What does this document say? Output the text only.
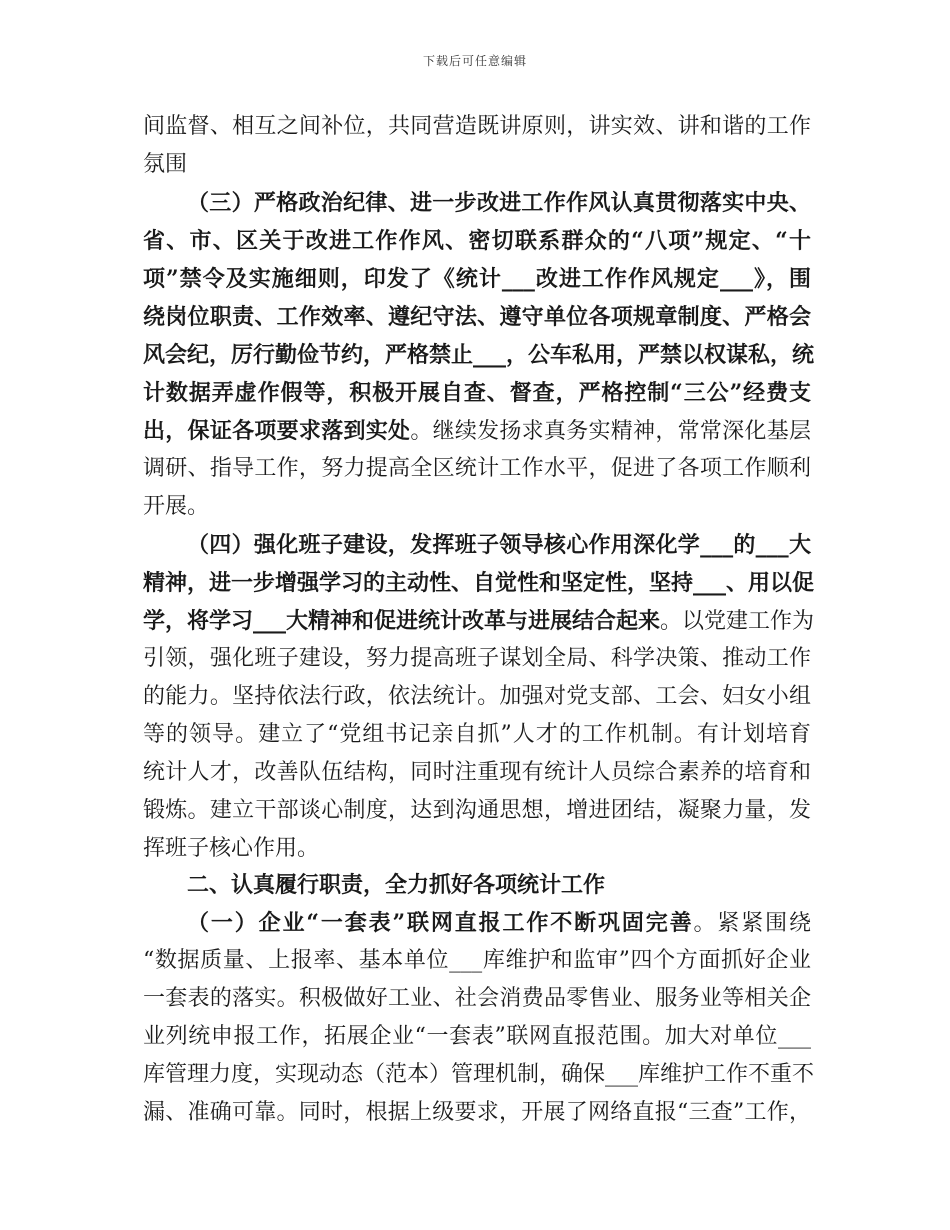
下载后可任意编辑
间监督、相互之间补位，共同营造既讲原则，讲实效、讲和谐的工作
氛围
（三）严格政治纪律、进一步改进工作作风认真贯彻落实中央、
省、市、区关于改进工作作风、密切联系群众的“八项”规定、“十
项”禁令及实施细则，印发了《统计___改进工作作风规定___》，围
绕岗位职责、工作效率、遵纪守法、遵守单位各项规章制度、严格会
风会纪，厉行勤俭节约，严格禁止___，公车私用，严禁以权谋私，统
计数据弄虚作假等，积极开展自查、督查，严格控制“三公”经费支
出，保证各项要求落到实处。继续发扬求真务实精神，常常深化基层
调研、指导工作，努力提高全区统计工作水平，促进了各项工作顺利
开展。
（四）强化班子建设，发挥班子领导核心作用深化学___的___大
精神，进一步增强学习的主动性、自觉性和坚定性，坚持___、用以促
学，将学习___大精神和促进统计改革与进展结合起来。以党建工作为
引领，强化班子建设，努力提高班子谋划全局、科学决策、推动工作
的能力。坚持依法行政，依法统计。加强对党支部、工会、妇女小组
等的领导。建立了“党组书记亲自抓”人才的工作机制。有计划培育
统计人才，改善队伍结构，同时注重现有统计人员综合素养的培育和
锻炼。建立干部谈心制度，达到沟通思想，增进团结，凝聚力量，发
挥班子核心作用。
二、认真履行职责，全力抓好各项统计工作
（一）企业“一套表”联网直报工作不断巩固完善。紧紧围绕
“数据质量、上报率、基本单位___库维护和监审”四个方面抓好企业
一套表的落实。积极做好工业、社会消费品零售业、服务业等相关企
业列统申报工作，拓展企业“一套表”联网直报范围。加大对单位___
库管理力度，实现动态（范本）管理机制，确保___库维护工作不重不
漏、准确可靠。同时，根据上级要求，开展了网络直报“三查”工作，
